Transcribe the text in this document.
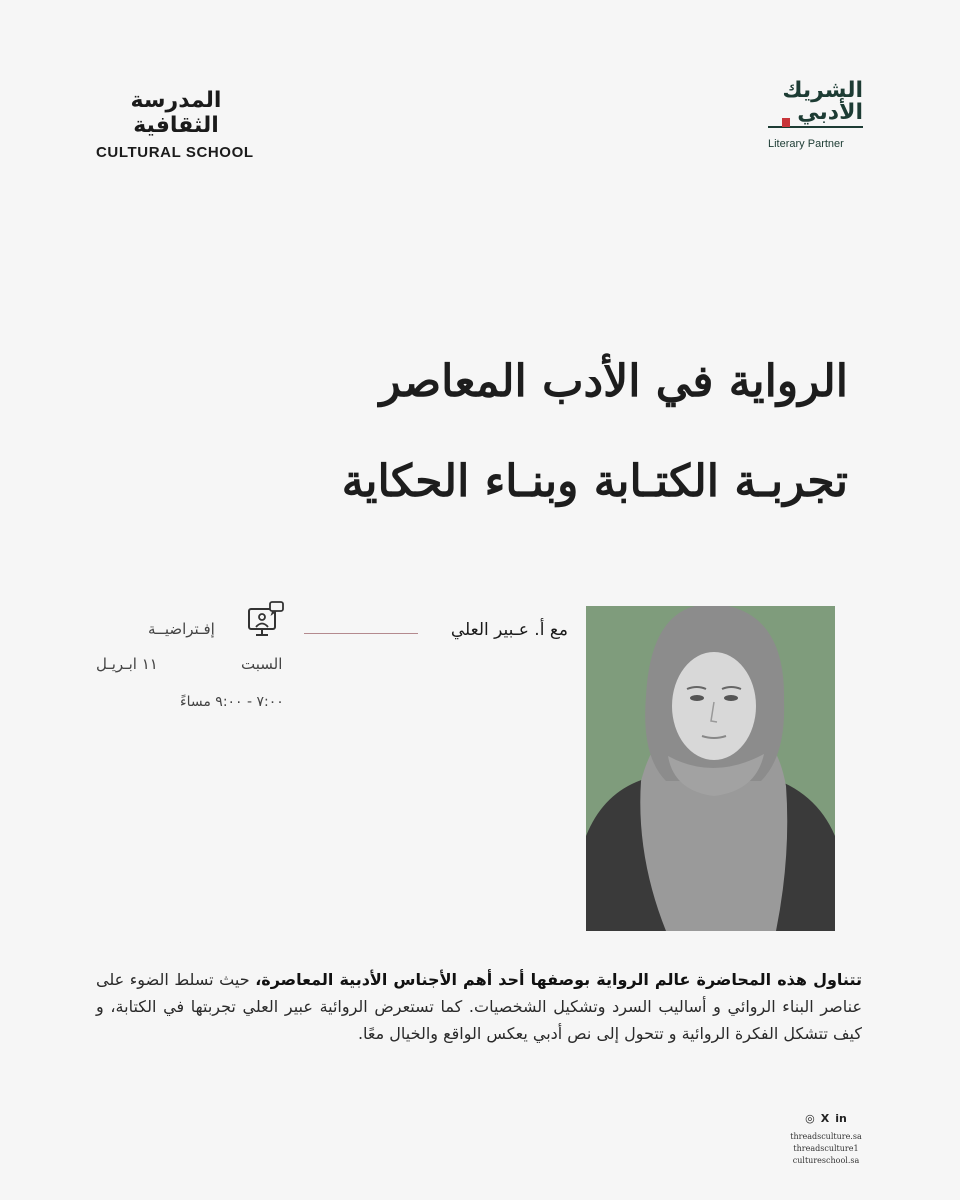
المدرسة الثقافية
CULTURAL SCHOOL
الشريك
الأدبي
Literary Partner
الرواية في الأدب المعاصر
تجربـة الكتـابة وبنـاء الحكاية
مع أ. عـبير العلي
إفـتراضيــة
السبت
١١ ابـريـل
٧:٠٠ - ٩:٠٠ مساءً
تتناول هذه المحاضرة عالم الرواية بوصفها أحد أهم الأجناس الأدبية المعاصرة، حيث تسلط الضوء على عناصر البناء الروائي و أساليب السرد وتشكيل الشخصيات. كما تستعرض الروائية عبير العلي تجربتها في الكتابة، و كيف تتشكل الفكرة الروائية و تتحول إلى نص أدبي يعكس الواقع والخيال معًا.
◎ X in
threadsculture.sa
threadsculture1
cultureschool.sa
